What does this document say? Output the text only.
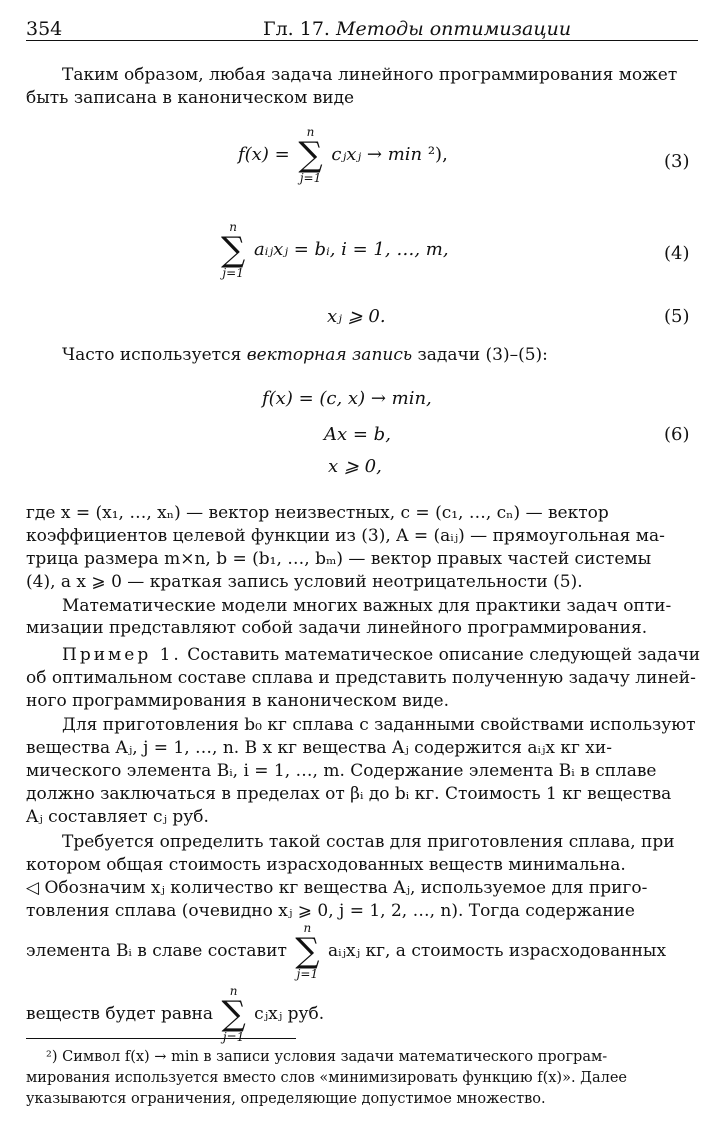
354	Гл. 17. Методы оптимизации

Таким образом, любая задача линейного программирования может

быть записана в каноническом виде

f(x) =
n
∑
j=1
cⱼxⱼ → min ²),	(3)
n
∑
j=1
aᵢⱼxⱼ = bᵢ, i = 1, …, m,	(4)
xⱼ ⩾ 0.	(5)

Часто используется векторная запись задачи (3)–(5):

f(x) = (c, x) → min,
Ax = b,
x ⩾ 0,
(6)

где x = (x₁, …, xₙ) — вектор неизвестных, c = (c₁, …, cₙ) — вектор

коэффициентов целевой функции из (3), A = (aᵢⱼ) — прямоугольная ма-

трица размера m×n, b = (b₁, …, bₘ) — вектор правых частей системы

(4), а x ⩾ 0 — краткая запись условий неотрицательности (5).

Математические модели многих важных для практики задач опти-

мизации представляют собой задачи линейного программирования.

Пример 1. Составить математическое описание следующей задачи

об оптимальном составе сплава и представить полученную задачу линей-

ного программирования в каноническом виде.

Для приготовления b₀ кг сплава с заданными свойствами используют

вещества Aⱼ, j = 1, …, n. В x кг вещества Aⱼ содержится aᵢⱼx кг хи-

мического элемента Bᵢ, i = 1, …, m. Содержание элемента Bᵢ в сплаве

должно заключаться в пределах от βᵢ до bᵢ кг. Стоимость 1 кг вещества

Aⱼ составляет cⱼ руб.

Требуется определить такой состав для приготовления сплава, при

котором общая стоимость израсходованных веществ минимальна.

◁ Обозначим xⱼ количество кг вещества Aⱼ, используемое для приго-

товления сплава (очевидно xⱼ ⩾ 0, j = 1, 2, …, n). Тогда содержание

элемента Bᵢ в славе составит
n
∑
j=1
aᵢⱼxⱼ кг, а стоимость израсходованных
веществ будет равна
n
∑
j=1
cⱼxⱼ руб.

²) Символ f(x) → min в записи условия задачи математического програм-

мирования используется вместо слов «минимизировать функцию f(x)». Далее

указываются ограничения, определяющие допустимое множество.
